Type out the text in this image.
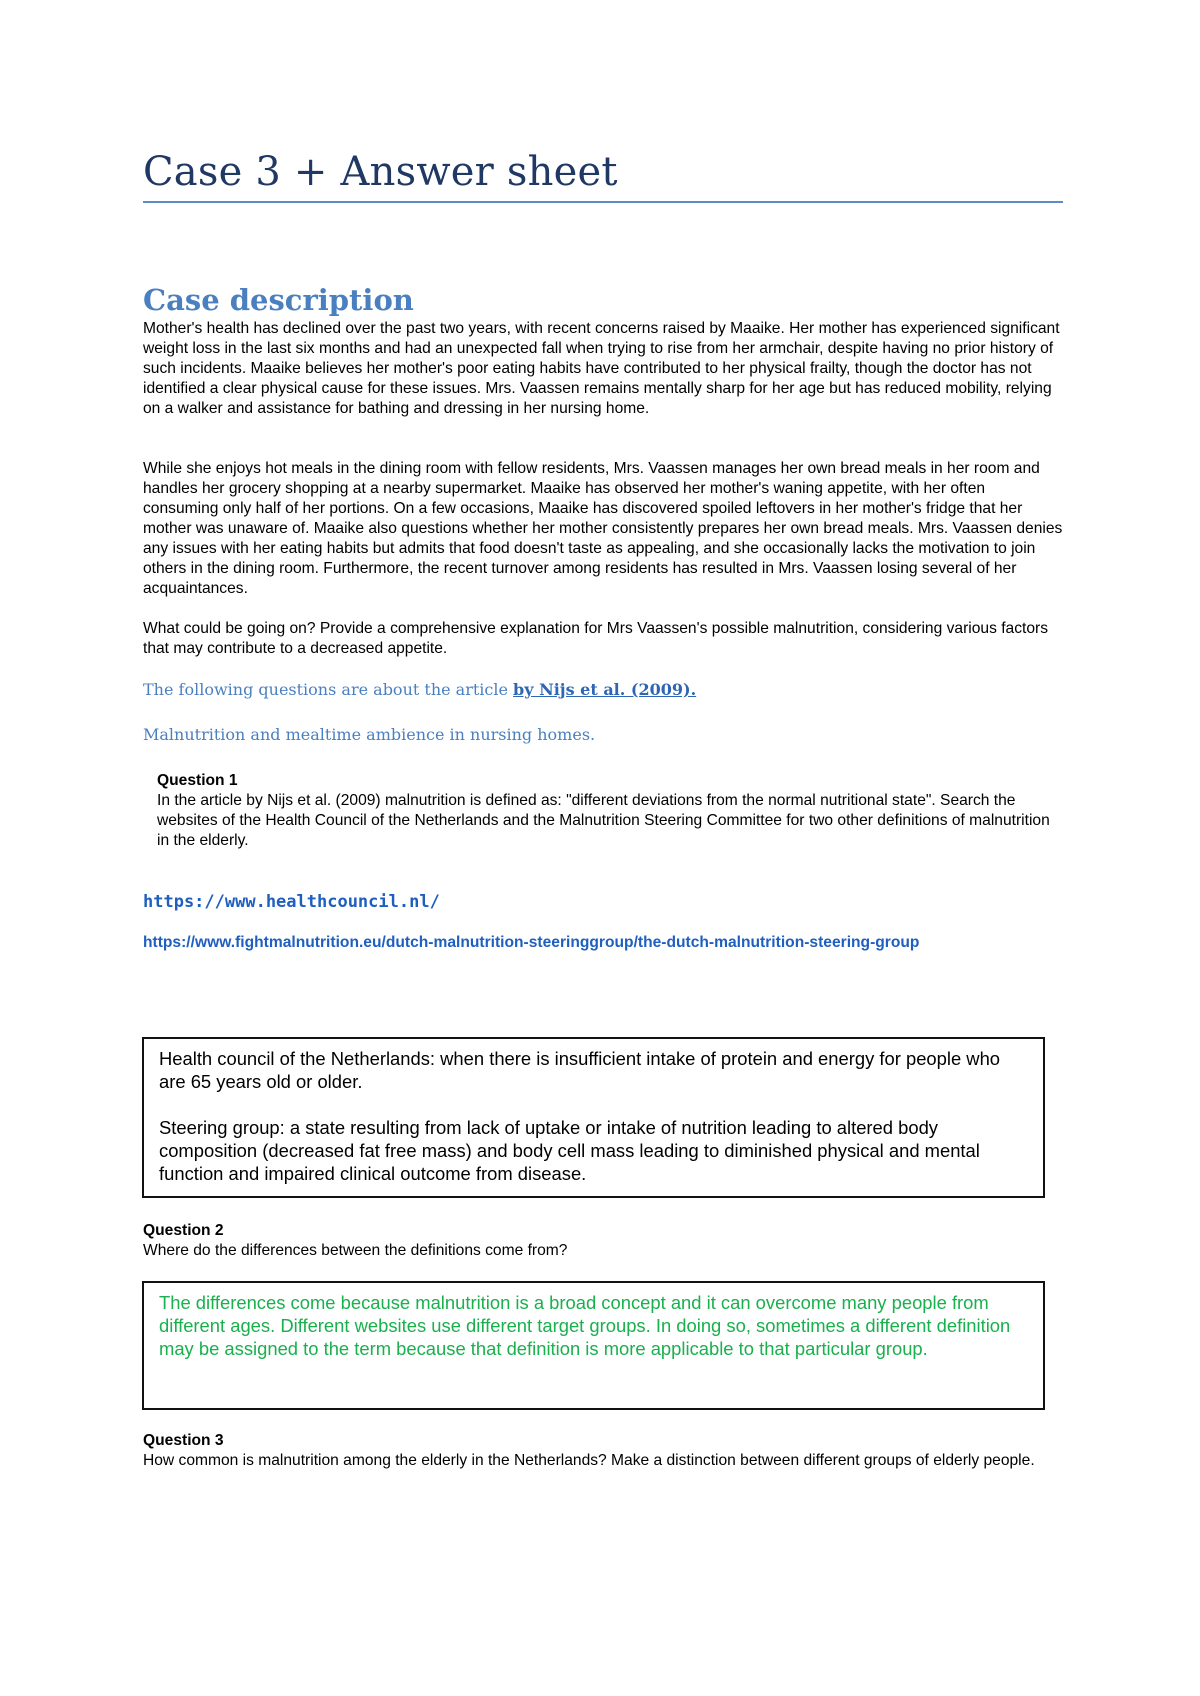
Case 3 + Answer sheet
Case description

Mother's health has declined over the past two years, with recent concerns raised by Maaike. Her mother has experienced significant weight loss in the last six months and had an unexpected fall when trying to rise from her armchair, despite having no prior history of such incidents. Maaike believes her mother's poor eating habits have contributed to her physical frailty, though the doctor has not identified a clear physical cause for these issues. Mrs. Vaassen remains mentally sharp for her age but has reduced mobility, relying on a walker and assistance for bathing and dressing in her nursing home.

While she enjoys hot meals in the dining room with fellow residents, Mrs. Vaassen manages her own bread meals in her room and handles her grocery shopping at a nearby supermarket. Maaike has observed her mother's waning appetite, with her often consuming only half of her portions. On a few occasions, Maaike has discovered spoiled leftovers in her mother's fridge that her mother was unaware of. Maaike also questions whether her mother consistently prepares her own bread meals. Mrs. Vaassen denies any issues with her eating habits but admits that food doesn't taste as appealing, and she occasionally lacks the motivation to join others in the dining room. Furthermore, the recent turnover among residents has resulted in Mrs. Vaassen losing several of her acquaintances.

What could be going on? Provide a comprehensive explanation for Mrs Vaassen's possible malnutrition, considering various factors that may contribute to a decreased appetite.

The following questions are about the article by Nijs et al. (2009).
Malnutrition and mealtime ambience in nursing homes.
Question 1

In the article by Nijs et al. (2009) malnutrition is defined as: "different deviations from the normal nutritional state". Search the websites of the Health Council of the Netherlands and the Malnutrition Steering Committee for two other definitions of malnutrition in the elderly.

https://www.healthcouncil.nl/
https://www.fightmalnutrition.eu/dutch-malnutrition-steeringgroup/the-dutch-malnutrition-steering-group

Health council of the Netherlands: when there is insufficient intake of protein and energy for people who are 65 years old or older.

Steering group: a state resulting from lack of uptake or intake of nutrition leading to altered body composition (decreased fat free mass) and body cell mass leading to diminished physical and mental function and impaired clinical outcome from disease.

Question 2

Where do the differences between the definitions come from?

The differences come because malnutrition is a broad concept and it can overcome many people from different ages. Different websites use different target groups. In doing so, sometimes a different definition may be assigned to the term because that definition is more applicable to that particular group.

Question 3

How common is malnutrition among the elderly in the Netherlands? Make a distinction between different groups of elderly people.
